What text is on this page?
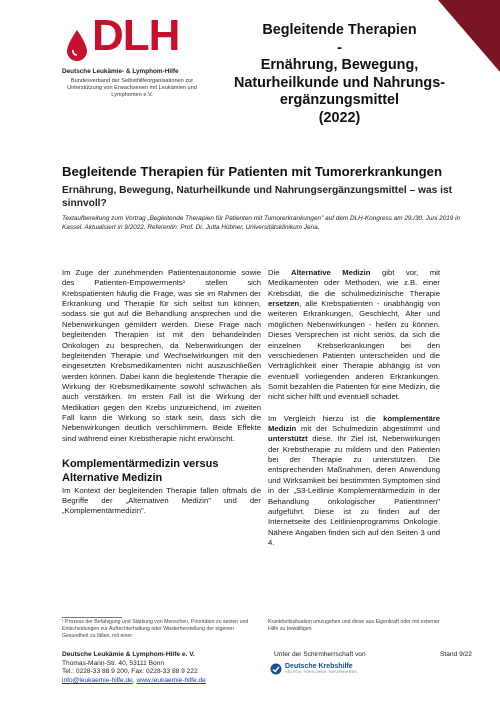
DLH
Deutsche Leukämie- & Lymphom-Hilfe
Bundesverband der Selbsthilfeorganisationen zur Unterstützung von Erwachsenen mit Leukämien und Lymphomen e.V.
Begleitende Therapien
-
Ernährung, Bewegung,
Naturheilkunde und Nahrungs-
ergänzungsmittel
(2022)
Begleitende Therapien für Patienten mit Tumorerkrankungen
Ernährung, Bewegung, Naturheilkunde und Nahrungsergänzungsmittel – was ist sinnvoll?
Textaufbereitung zum Vortrag „Begleitende Therapien für Patienten mit Tumorerkrankungen" auf dem DLH-Kongress am 29./30. Juni 2019 in Kassel. Aktualisiert in 9/2022. Referentin: Prof. Dr. Jutta Hübner, Universitätsklinikum Jena.

Im Zuge der zunehmenden Patientenautonomie sowie des Patienten-Empowerments¹ stellen sich Krebspatienten häufig die Frage, was sie im Rahmen der Erkrankung und Therapie für sich selbst tun können, sodass sie gut auf die Behandlung ansprechen und die Nebenwirkungen gemildert werden. Diese Frage nach begleitenden Therapien ist mit den behandelnden Onkologen zu besprechen, da Nebenwirkungen der begleitenden Therapie und Wechselwirkungen mit den eingesetzten Krebsmedikamenten nicht auszuschließen werden können. Dabei kann die begleitende Therapie die Wirkung der Krebsmedikamente sowohl schwächen als auch verstärken. Im ersten Fall ist die Wirkung der Medikation gegen den Krebs unzureichend, im zweiten Fall kann die Wirkung so stark sein, dass sich die Nebenwirkungen deutlich verschlimmern. Beide Effekte sind während einer Krebstherapie nicht erwünscht.

Komplementärmedizin versus Alternative Medizin

Im Kontext der begleitenden Therapie fallen oftmals die Begriffe der „Alternativen Medizin" und der „Komplementärmedizin".

Die Alternative Medizin gibt vor, mit Medikamenten oder Methoden, wie z.B. einer Krebsdiät, die die schulmedizinische Therapie ersetzen, alle Krebspatienten - unabhängig von weiteren Erkrankungen, Geschlecht, Alter und möglichen Nebenwirkungen - heilen zu können. Dieses Versprechen ist nicht seriös, da sich die einzelnen Krebserkrankungen bei den verschiedenen Patienten unterscheiden und die Verträglichkeit einer Therapie abhängig ist von eventuell vorliegenden anderen Erkrankungen. Somit bezahlen die Patienten für eine Medizin, die nicht sicher hilft und eventuell schadet.

Im Vergleich hierzu ist die komplementäre Medizin mit der Schulmedizin abgestimmt und unterstützt diese. Ihr Ziel ist, Nebenwirkungen der Krebstherapie zu mildern und den Patienten bei der Therapie zu unterstützen. Die entsprechenden Maßnahmen, deren Anwendung und Wirksamkeit bei bestimmten Symptomen sind in der „S3-Leitlinie Komplementärmedizin in der Behandlung onkologischer PatientInnen" aufgeführt. Diese ist zu finden auf der Internetseite des Leitlinienprogramms Onkologie. Nähere Angaben finden sich auf den Seiten 3 und 4.

¹ Prozess der Befähigung und Stärkung von Menschen, Prioritäten zu setzen und Entscheidungen zur Aufrechterhaltung oder Wiederherstellung der eigenen Gesundheit zu fällen, mit einer
Krankheitssituation umzugehen und diese aus Eigenkraft oder mit externer Hilfe zu bewältigen
Deutsche Leukämie & Lymphom-Hilfe e. V.
Thomas-Mann-Str. 40, 53111 Bonn
Tel.: 0228-33 88 9 200, Fax: 0228-33 88 9 222
info@leukaemie-hilfe.de, www.leukaemie-hilfe.de
Unter der Schirmherrschaft von
Deutsche Krebshilfe
HELFEN. FORSCHEN. INFORMIEREN.
Stand 9/22
